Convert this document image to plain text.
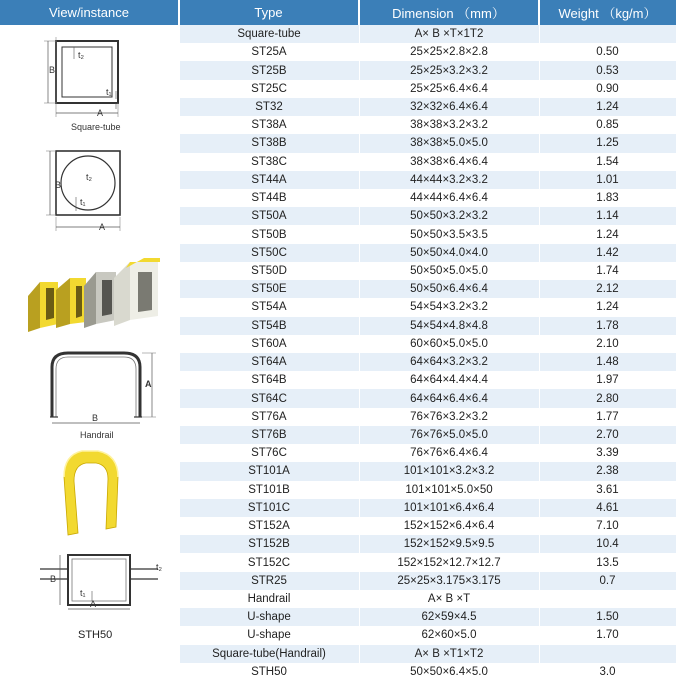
View/instance	Type	Dimension （mm）	Weight （kg/m）
B
A
t₂
t₁
Square-tube
B
A
t₂
t₁
A
B
Handrail
B
A
t₁
t₂
STH50
Square-tube	A× B ×T×1T2
ST25A	25×25×2.8×2.8	0.50
ST25B	25×25×3.2×3.2	0.53
ST25C	25×25×6.4×6.4	0.90
ST32	32×32×6.4×6.4	1.24
ST38A	38×38×3.2×3.2	0.85
ST38B	38×38×5.0×5.0	1.25
ST38C	38×38×6.4×6.4	1.54
ST44A	44×44×3.2×3.2	1.01
ST44B	44×44×6.4×6.4	1.83
ST50A	50×50×3.2×3.2	1.14
ST50B	50×50×3.5×3.5	1.24
ST50C	50×50×4.0×4.0	1.42
ST50D	50×50×5.0×5.0	1.74
ST50E	50×50×6.4×6.4	2.12
ST54A	54×54×3.2×3.2	1.24
ST54B	54×54×4.8×4.8	1.78
ST60A	60×60×5.0×5.0	2.10
ST64A	64×64×3.2×3.2	1.48
ST64B	64×64×4.4×4.4	1.97
ST64C	64×64×6.4×6.4	2.80
ST76A	76×76×3.2×3.2	1.77
ST76B	76×76×5.0×5.0	2.70
ST76C	76×76×6.4×6.4	3.39
ST101A	101×101×3.2×3.2	2.38
ST101B	101×101×5.0×50	3.61
ST101C	101×101×6.4×6.4	4.61
ST152A	152×152×6.4×6.4	7.10
ST152B	152×152×9.5×9.5	10.4
ST152C	152×152×12.7×12.7	13.5
STR25	25×25×3.175×3.175	0.7
Handrail	A× B ×T
U-shape	62×59×4.5	1.50
U-shape	62×60×5.0	1.70
Square-tube(Handrail)	A× B ×T1×T2
STH50	50×50×6.4×5.0	3.0
